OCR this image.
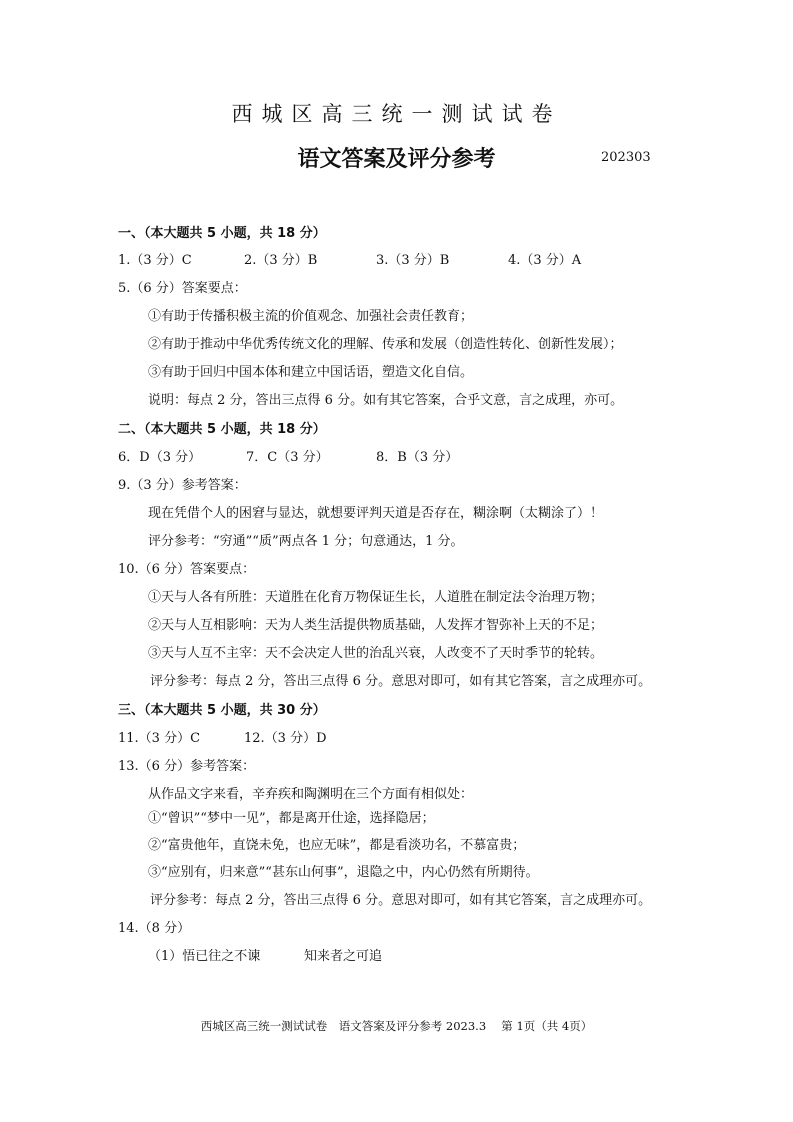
西城区高三统一测试试卷
语文答案及评分参考	202303
一、（本大题共 5 小题，共 18 分）
1.（3 分）C	2.（3 分）B	3.（3 分）B	4.（3 分）A
5.（6 分）答案要点：
①有助于传播积极主流的价值观念、加强社会责任教育；
②有助于推动中华优秀传统文化的理解、传承和发展（创造性转化、创新性发展）；
③有助于回归中国本体和建立中国话语，塑造文化自信。
说明：每点 2 分，答出三点得 6 分。如有其它答案，合乎文意，言之成理，亦可。
二、（本大题共 5 小题，共 18 分）
6．D（3 分）	7．C（3 分）	8．B（3 分）
9.（3 分）参考答案：
现在凭借个人的困窘与显达，就想要评判天道是否存在，糊涂啊（太糊涂了）！
评分参考：“穷通”“质”两点各 1 分；句意通达，1 分。
10.（6 分）答案要点：
①天与人各有所胜：天道胜在化育万物保证生长，人道胜在制定法令治理万物；
②天与人互相影响：天为人类生活提供物质基础，人发挥才智弥补上天的不足；
③天与人互不主宰：天不会决定人世的治乱兴衰，人改变不了天时季节的轮转。
评分参考：每点 2 分，答出三点得 6 分。意思对即可，如有其它答案，言之成理亦可。
三、（本大题共 5 小题，共 30 分）
11.（3 分）C	12.（3 分）D
13.（6 分）参考答案：
从作品文字来看，辛弃疾和陶渊明在三个方面有相似处：
①“曾识”“梦中一见”，都是离开仕途，选择隐居；
②“富贵他年，直饶未免，也应无味”，都是看淡功名，不慕富贵；
③“应别有，归来意”“甚东山何事”，退隐之中，内心仍然有所期待。
评分参考：每点 2 分，答出三点得 6 分。意思对即可，如有其它答案，言之成理亦可。
14.（8 分）
（1）悟已往之不谏	知来者之可追
西城区高三统一测试试卷　语文答案及评分参考 2023.3　 第 1页（共 4页）
